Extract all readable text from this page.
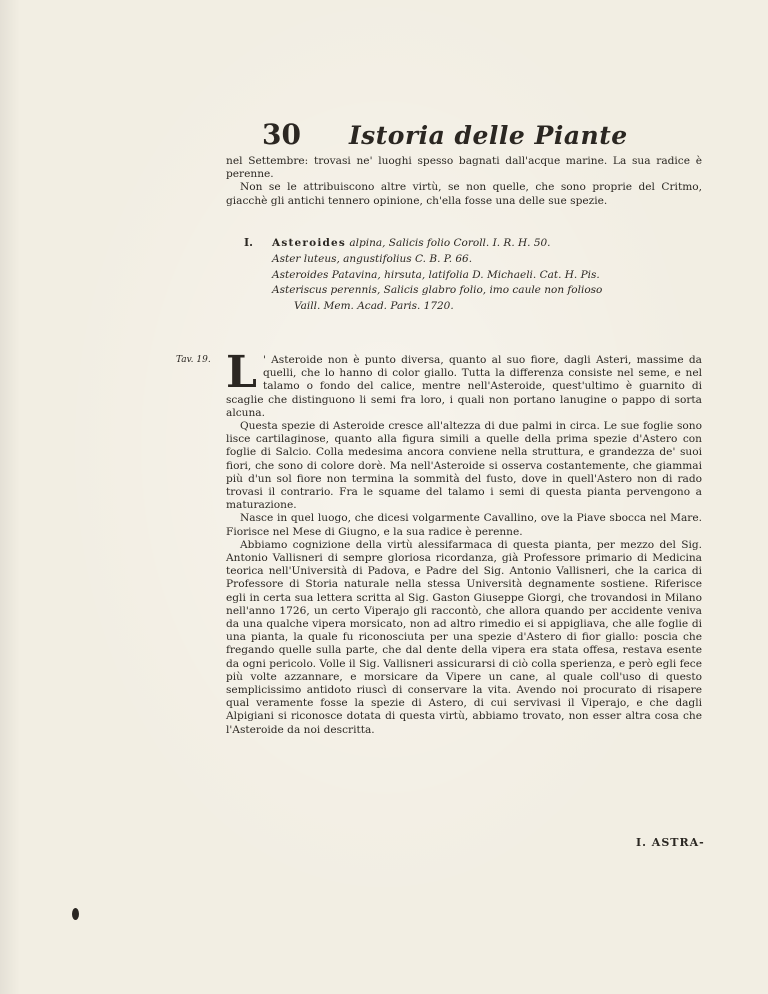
30 Istoria delle Piante

nel Settembre: trovasi ne' luoghi spesso bagnati dall'acque marine. La sua radice è perenne.

Non se le attribuiscono altre virtù, se non quelle, che sono proprie del Critmo, giacchè gli antichi tennero opinione, ch'ella fosse una delle sue spezie.

I. Asteroides alpina, Salicis folio Coroll. I. R. H. 50.
Aster luteus, angustifolius C. B. P. 66.
Asteroides Patavina, hirsuta, latifolia D. Michaeli. Cat. H. Pis.
Asteriscus perennis, Salicis glabro folio, imo caule non folioso
Vaill. Mem. Acad. Paris. 1720.
Tav. 19. L ' Asteroide non è punto diversa, quanto al suo fiore, dagli Asteri, massime da quelli, che lo hanno di color giallo. Tutta la differenza consiste nel seme, e nel talamo o fondo del calice, mentre nell'Asteroide, quest'ultimo è guarnito di scaglie che distinguono li semi fra loro, i quali non portano lanugine o pappo di sorta alcuna.

Questa spezie di Asteroide cresce all'altezza di due palmi in circa. Le sue foglie sono lisce cartilaginose, quanto alla figura simili a quelle della prima spezie d'Astero con foglie di Salcio. Colla medesima ancora conviene nella struttura, e grandezza de' suoi fiori, che sono di colore dorè. Ma nell'Asteroide si osserva costantemente, che giammai più d'un sol fiore non termina la sommità del fusto, dove in quell'Astero non di rado trovasi il contrario. Fra le squame del talamo i semi di questa pianta pervengono a maturazione.

Nasce in quel luogo, che dicesi volgarmente Cavallino, ove la Piave sbocca nel Mare. Fiorisce nel Mese di Giugno, e la sua radice è perenne.

Abbiamo cognizione della virtù alessifarmaca di questa pianta, per mezzo del Sig. Antonio Vallisneri di sempre gloriosa ricordanza, già Professore primario di Medicina teorica nell'Università di Padova, e Padre del Sig. Antonio Vallisneri, che la carica di Professore di Storia naturale nella stessa Università degnamente sostiene. Riferisce egli in certa sua lettera scritta al Sig. Gaston Giuseppe Giorgi, che trovandosi in Milano nell'anno 1726, un certo Viperajo gli raccontò, che allora quando per accidente veniva da una qualche vipera morsicato, non ad altro rimedio ei si appigliava, che alle foglie di una pianta, la quale fu riconosciuta per una spezie d'Astero di fior giallo: poscia che fregando quelle sulla parte, che dal dente della vipera era stata offesa, restava esente da ogni pericolo. Volle il Sig. Vallisneri assicurarsi di ciò colla sperienza, e però egli fece più volte azzannare, e morsicare da Vipere un cane, al quale coll'uso di questo semplicissimo antidoto riuscì di conservare la vita. Avendo noi procurato di risapere qual veramente fosse la spezie di Astero, di cui servivasi il Viperajo, e che dagli Alpigiani si riconosce dotata di questa virtù, abbiamo trovato, non esser altra cosa che l'Asteroide da noi descritta.

I. ASTRA-
